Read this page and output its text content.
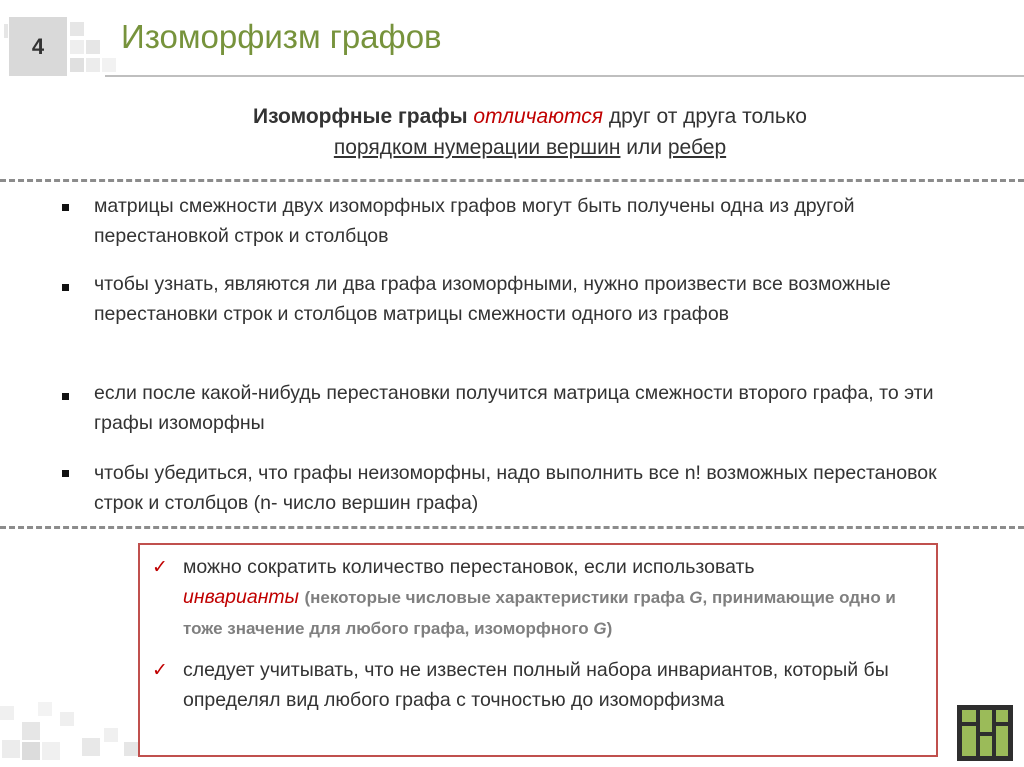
4	Изоморфизм графов
Изоморфные графы отличаются друг от друга только
порядком нумерации вершин или ребер
матрицы смежности двух изоморфных графов могут быть получены одна из другой перестановкой строк и столбцов
чтобы узнать, являются ли два графа изоморфными, нужно произвести все возможные перестановки строк и столбцов матрицы смежности одного из графов
если после какой-нибудь перестановки получится матрица смежности второго графа, то эти графы изоморфны
чтобы убедиться, что графы неизоморфны, надо выполнить все n! возможных перестановок строк и столбцов (n- число вершин графа)
✓ можно сократить количество перестановок, если использовать
инварианты (некоторые числовые характеристики графа G, принимающие одно и тоже значение для любого графа, изоморфного G)
✓ следует учитывать, что не известен полный набора инвариантов, который бы определял вид любого графа с точностью до изоморфизма
